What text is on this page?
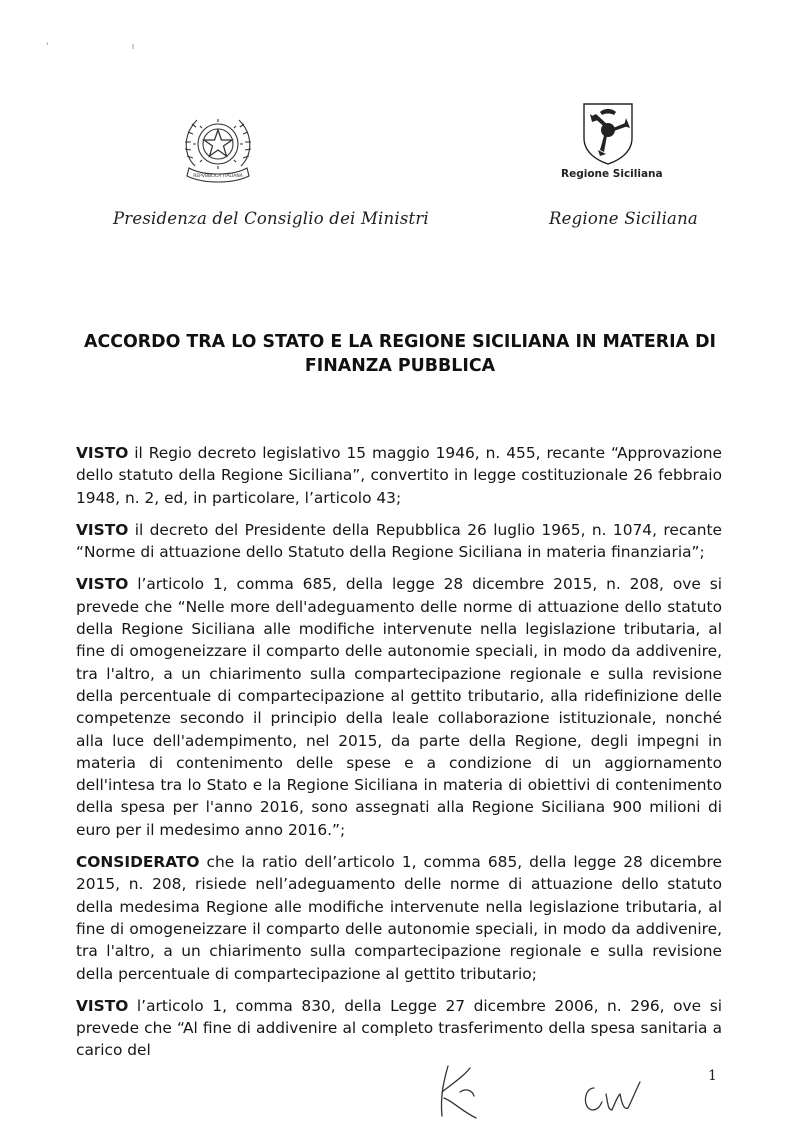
‘ ı
REPVBBLICA ITALIANA	Regione Siciliana
Presidenza del Consiglio dei Ministri	Regione Siciliana
ACCORDO TRA LO STATO E LA REGIONE SICILIANA IN MATERIA DI
FINANZA PUBBLICA

VISTO il Regio decreto legislativo 15 maggio 1946, n. 455, recante “Approvazione dello statuto della Regione Siciliana”, convertito in legge costituzionale 26 febbraio 1948, n. 2, ed, in particolare, l’articolo 43;

VISTO il decreto del Presidente della Repubblica 26 luglio 1965, n. 1074, recante “Norme di attuazione dello Statuto della Regione Siciliana in materia finanziaria”;

VISTO l’articolo 1, comma 685, della legge 28 dicembre 2015, n. 208, ove si prevede che “Nelle more dell'adeguamento delle norme di attuazione dello statuto della Regione Siciliana alle modifiche intervenute nella legislazione tributaria, al fine di omogeneizzare il comparto delle autonomie speciali, in modo da addivenire, tra l'altro, a un chiarimento sulla compartecipazione regionale e sulla revisione della percentuale di compartecipazione al gettito tributario, alla ridefinizione delle competenze secondo il principio della leale collaborazione istituzionale, nonché alla luce dell'adempimento, nel 2015, da parte della Regione, degli impegni in materia di contenimento delle spese e a condizione di un aggiornamento dell'intesa tra lo Stato e la Regione Siciliana in materia di obiettivi di contenimento della spesa per l'anno 2016, sono assegnati alla Regione Siciliana 900 milioni di euro per il medesimo anno 2016.”;

CONSIDERATO che la ratio dell’articolo 1, comma 685, della legge 28 dicembre 2015, n. 208, risiede nell’adeguamento delle norme di attuazione dello statuto della medesima Regione alle modifiche intervenute nella legislazione tributaria, al fine di omogeneizzare il comparto delle autonomie speciali, in modo da addivenire, tra l'altro, a un chiarimento sulla compartecipazione regionale e sulla revisione della percentuale di compartecipazione al gettito tributario;

VISTO l’articolo 1, comma 830, della Legge 27 dicembre 2006, n. 296, ove si prevede che “Al fine di addivenire al completo trasferimento della spesa sanitaria a carico del

1
